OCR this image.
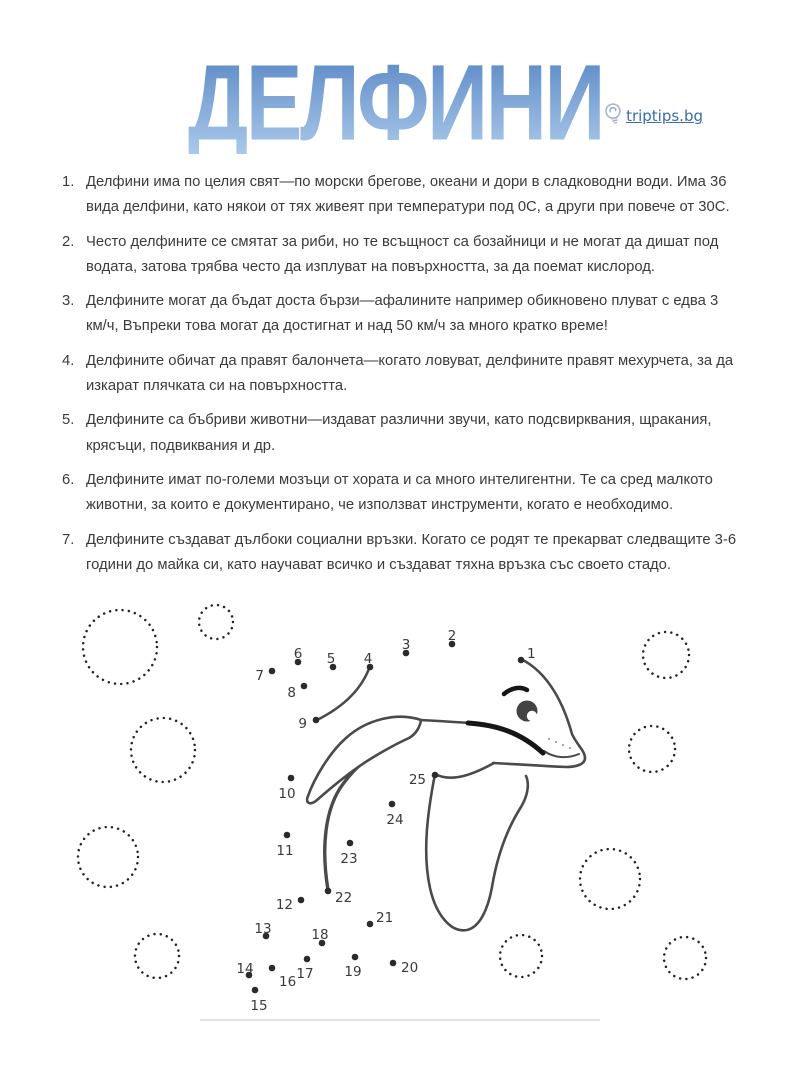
triptips.bg
ДЕЛФИНИ
1. Делфини има по целия свят—по морски брегове, океани и дори в сладководни води. Има 36 вида делфини, като някои от тях живеят при температури под 0C, а други при повече от 30C.
2. Често делфините се смятат за риби, но те всъщност са бозайници и не могат да дишат под водата, затова трябва често да изплуват на повърхността, за да поемат кислород.
3. Делфините могат да бъдат доста бързи—афалините например обикновено плуват с едва 3 км/ч, Въпреки това могат да достигнат и над 50 км/ч за много кратко време!
4. Делфините обичат да правят балончета—когато ловуват, делфините правят мехурчета, за да изкарат плячката си на повърхността.
5. Делфините са бъбриви животни—издават различни звучи, като подсвирквания, щракания, крясъци, подвиквания и др.
6. Делфините имат по-големи мозъци от хората и са много интелигентни. Те са сред малкото животни, за които е документирано, че използват инструменти, когато е необходимо.
7. Делфините създават дълбоки социални връзки. Когато се родят те прекарват следващите 3-6 години до майка си, като научават всичко и създават тяхна връзка със своето стадо.
1
2
3
4
5
6
7
8
9
10
11
12
13
14
15
16 17
18
19	20
21
22
23
24
25
